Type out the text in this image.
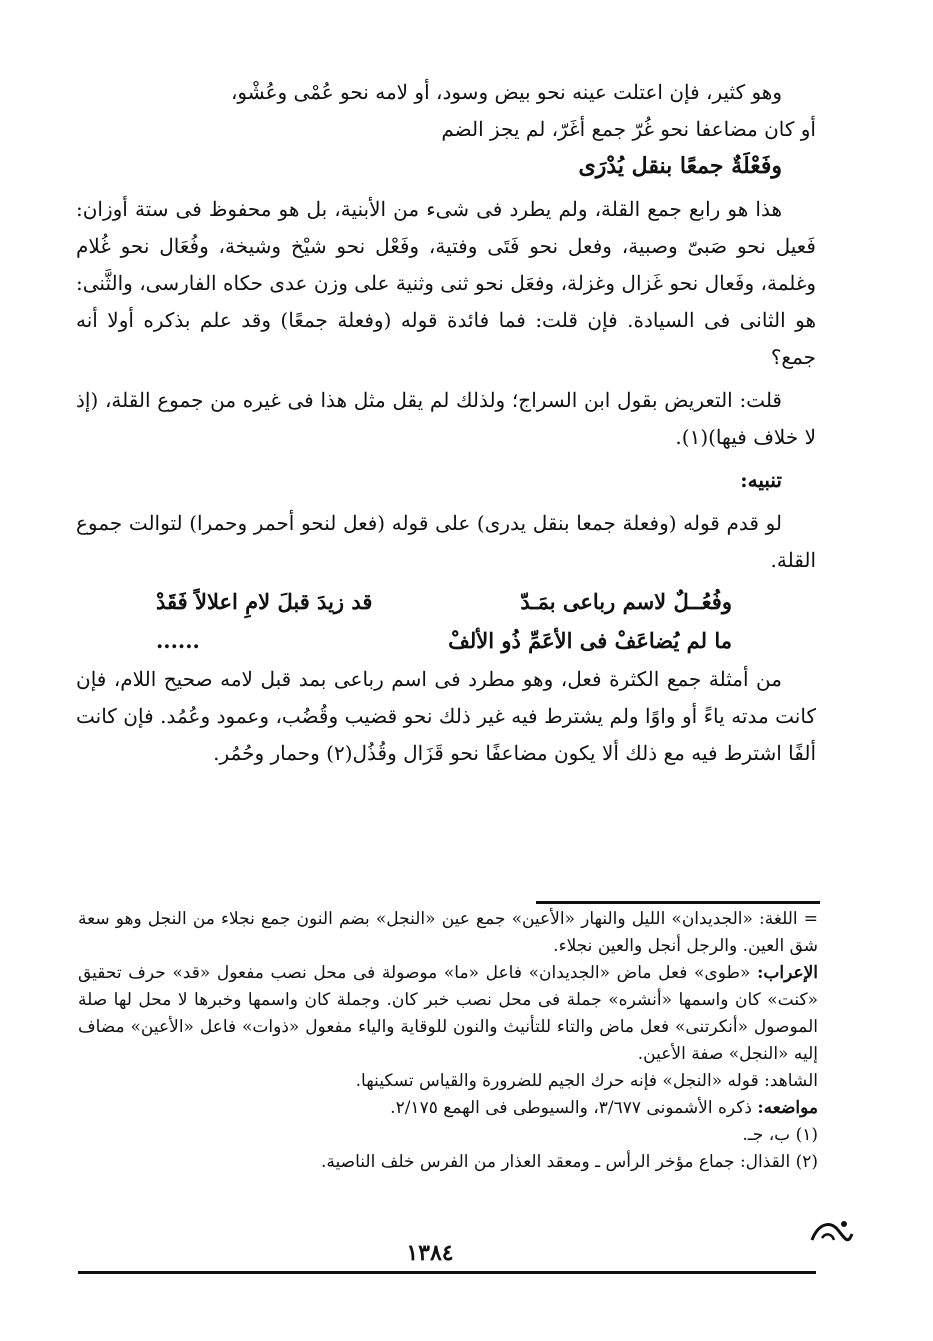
وهو كثير، فإن اعتلت عينه نحو بيض وسود، أو لامه نحو عُمْى وعُشْو،

أو كان مضاعفا نحو غُرّ جمع أغَرّ، لم يجز الضم

وفَعْلَةٌ جمعًا بنقل يُدْرَى

هذا هو رابع جمع القلة، ولم يطرد فى شىء من الأبنية، بل هو محفوظ فى ستة أوزان: فَعيل نحو صَبىّ وصبية، وفعل نحو فَتَى وفتية، وفَعْل نحو شيْخ وشيخة، وفُعَال نحو غُلام وغلمة، وفَعال نحو غَزال وغزلة، وفعَل نحو ثنى وثنية على وزن عدى حكاه الفارسى، والثَّنى: هو الثانى فى السيادة. فإن قلت: فما فائدة قوله (وفعلة جمعًا) وقد علم بذكره أولا أنه جمع؟

قلت: التعريض بقول ابن السراج؛ ولذلك لم يقل مثل هذا فى غيره من جموع القلة، (إذ لا خلاف فيها)(١).

تنبيه:

لو قدم قوله (وفعلة جمعا بنقل يدرى) على قوله (فعل لنحو أحمر وحمرا) لتوالت جموع القلة.

وفُعُــلٌ لاسم رباعى بمَـدّ
قد زيدَ قبلَ لامِ اعلالاً فَقَدْ
ما لم يُضاعَفْ فى الأعَمِّ ذُو الألفْ
......

من أمثلة جمع الكثرة فعل، وهو مطرد فى اسم رباعى بمد قبل لامه صحيح اللام، فإن كانت مدته ياءً أو واوًا ولم يشترط فيه غير ذلك نحو قضيب وقُضُب، وعمود وعُمُد. فإن كانت ألفًا اشترط فيه مع ذلك ألا يكون مضاعفًا نحو قَزَال وقُذُل(٢) وحمار وحُمُر.

= اللغة: «الجديدان» الليل والنهار «الأعين» جمع عين «النجل» بضم النون جمع نجلاء من النجل وهو سعة شق العين. والرجل أنجل والعين نجلاء.

الإعراب: «طوى» فعل ماض «الجديدان» فاعل «ما» موصولة فى محل نصب مفعول «قد» حرف تحقيق «كنت» كان واسمها «أنشره» جملة فى محل نصب خبر كان. وجملة كان واسمها وخبرها لا محل لها صلة الموصول «أنكرتنى» فعل ماض والتاء للتأنيث والنون للوقاية والياء مفعول «ذوات» فاعل «الأعين» مضاف إليه «النجل» صفة الأعين.

الشاهد: قوله «النجل» فإنه حرك الجيم للضرورة والقياس تسكينها.

مواضعه: ذكره الأشمونى ٣/٦٧٧، والسيوطى فى الهمع ٢/١٧٥.

(١) ب، جـ.

(٢) القذال: جماع مؤخر الرأس ـ ومعقد العذار من الفرس خلف الناصية.

١٣٨٤
